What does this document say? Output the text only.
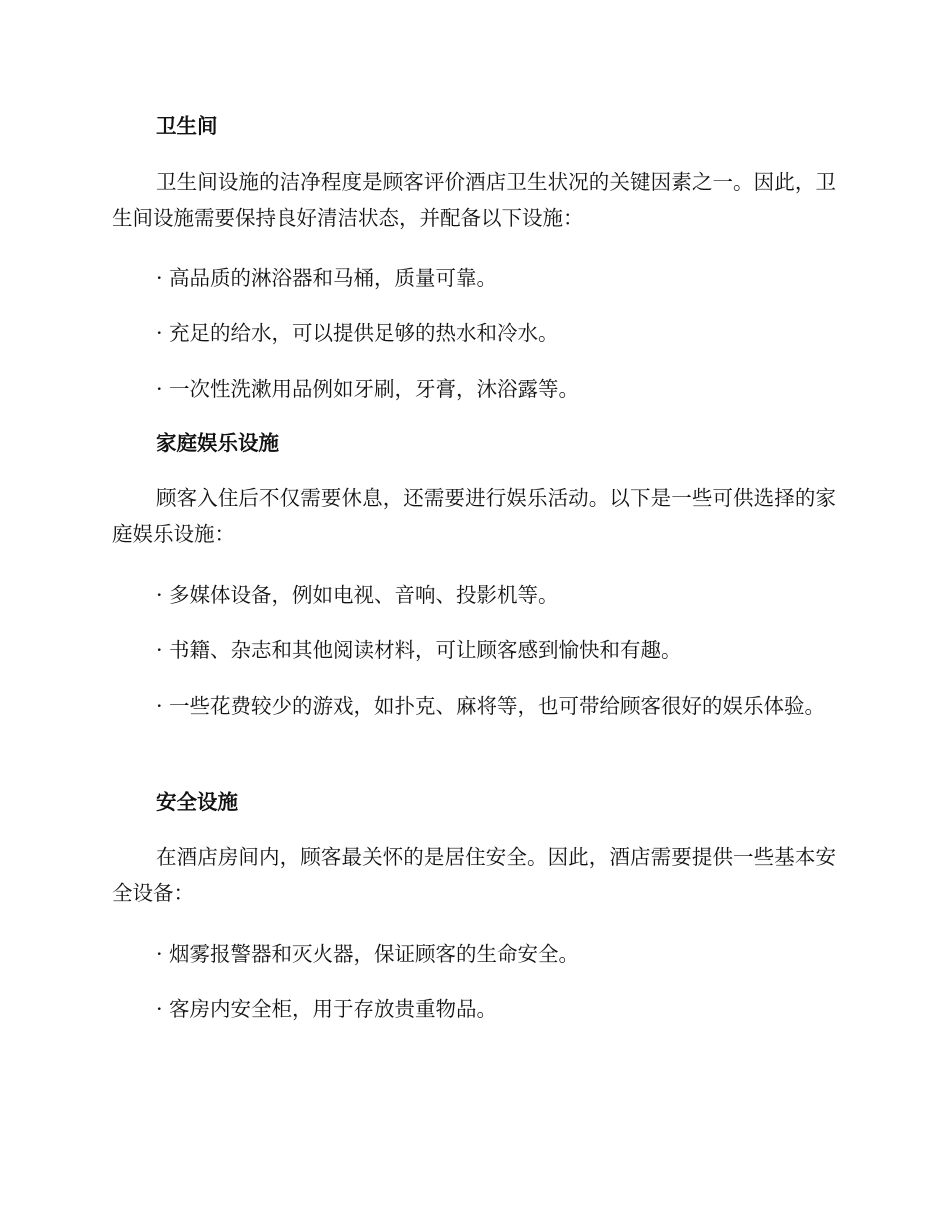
卫生间

卫生间设施的洁净程度是顾客评价酒店卫生状况的关键因素之一。因此，卫生间设施需要保持良好清洁状态，并配备以下设施：

· 高品质的淋浴器和马桶，质量可靠。

· 充足的给水，可以提供足够的热水和冷水。

· 一次性洗漱用品例如牙刷，牙膏，沐浴露等。

家庭娱乐设施

顾客入住后不仅需要休息，还需要进行娱乐活动。以下是一些可供选择的家庭娱乐设施：

· 多媒体设备，例如电视、音响、投影机等。

· 书籍、杂志和其他阅读材料，可让顾客感到愉快和有趣。

· 一些花费较少的游戏，如扑克、麻将等，也可带给顾客很好的娱乐体验。

安全设施

在酒店房间内，顾客最关怀的是居住安全。因此，酒店需要提供一些基本安全设备：

· 烟雾报警器和灭火器，保证顾客的生命安全。

· 客房内安全柜，用于存放贵重物品。
